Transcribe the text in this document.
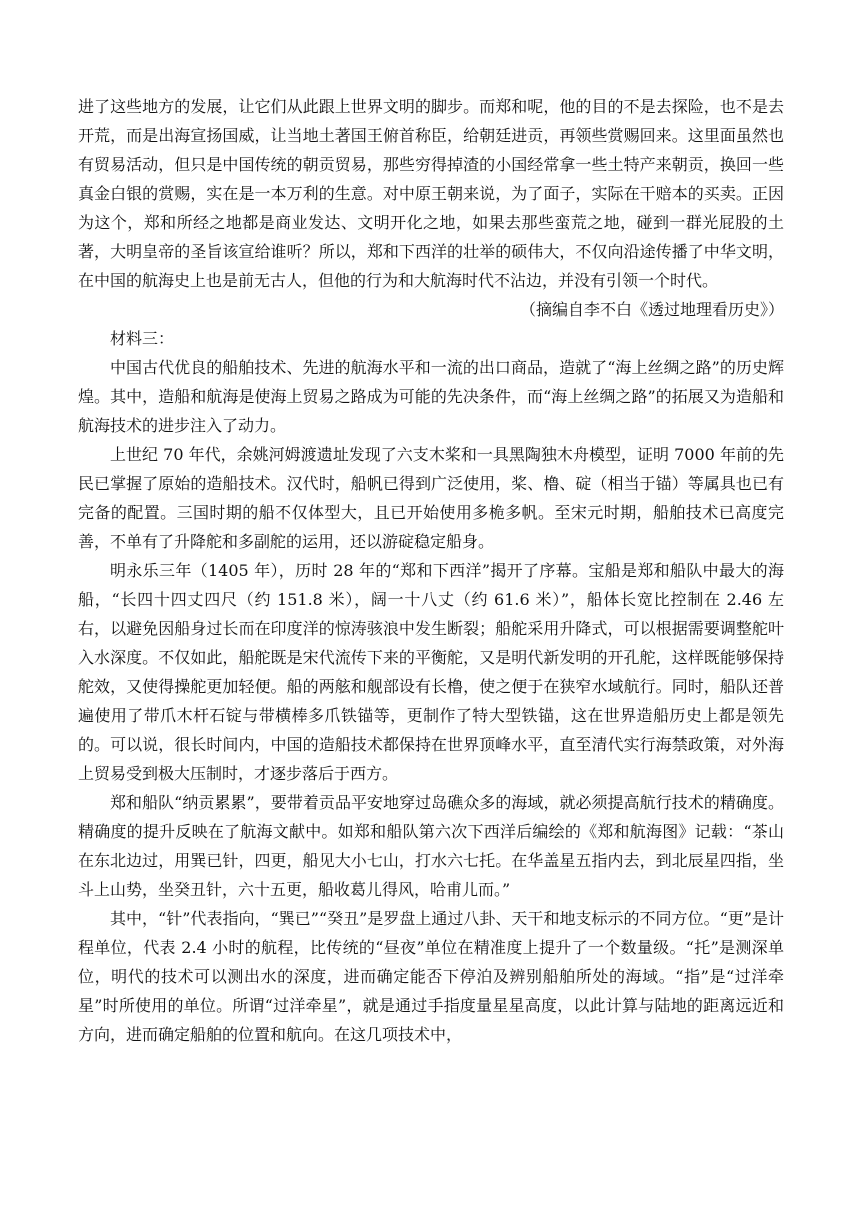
进了这些地方的发展，让它们从此跟上世界文明的脚步。而郑和呢，他的目的不是去探险，也不是去开荒，而是出海宣扬国威，让当地土著国王俯首称臣，给朝廷进贡，再领些赏赐回来。这里面虽然也有贸易活动，但只是中国传统的朝贡贸易，那些穷得掉渣的小国经常拿一些土特产来朝贡，换回一些真金白银的赏赐，实在是一本万利的生意。对中原王朝来说，为了面子，实际在干赔本的买卖。正因为这个，郑和所经之地都是商业发达、文明开化之地，如果去那些蛮荒之地，碰到一群光屁股的土著，大明皇帝的圣旨该宣给谁听？所以，郑和下西洋的壮举的硕伟大，不仅向沿途传播了中华文明，在中国的航海史上也是前无古人，但他的行为和大航海时代不沾边，并没有引领一个时代。

（摘编自李不白《透过地理看历史》）

材料三：

中国古代优良的船舶技术、先进的航海水平和一流的出口商品，造就了“海上丝绸之路”的历史辉煌。其中，造船和航海是使海上贸易之路成为可能的先决条件，而“海上丝绸之路”的拓展又为造船和航海技术的进步注入了动力。

上世纪 70 年代，余姚河姆渡遗址发现了六支木桨和一具黑陶独木舟模型，证明 7000 年前的先民已掌握了原始的造船技术。汉代时，船帆已得到广泛使用，桨、橹、碇（相当于锚）等属具也已有完备的配置。三国时期的船不仅体型大，且已开始使用多桅多帆。至宋元时期，船舶技术已高度完善，不单有了升降舵和多副舵的运用，还以游碇稳定船身。

明永乐三年（1405 年），历时 28 年的“郑和下西洋”揭开了序幕。宝船是郑和船队中最大的海船，“长四十四丈四尺（约 151.8 米），阔一十八丈（约 61.6 米）”，船体长宽比控制在 2.46 左右，以避免因船身过长而在印度洋的惊涛骇浪中发生断裂；船舵采用升降式，可以根据需要调整舵叶入水深度。不仅如此，船舵既是宋代流传下来的平衡舵，又是明代新发明的开孔舵，这样既能够保持舵效，又使得操舵更加轻便。船的两舷和舰部设有长橹，使之便于在狭窄水域航行。同时，船队还普遍使用了带爪木杆石锭与带横棒多爪铁锚等，更制作了特大型铁锚，这在世界造船历史上都是领先的。可以说，很长时间内，中国的造船技术都保持在世界顶峰水平，直至清代实行海禁政策，对外海上贸易受到极大压制时，才逐步落后于西方。

郑和船队“纳贡累累”，要带着贡品平安地穿过岛礁众多的海域，就必须提高航行技术的精确度。精确度的提升反映在了航海文献中。如郑和船队第六次下西洋后编绘的《郑和航海图》记载：“茶山在东北边过，用巽已针，四更，船见大小七山，打水六七托。在华盖星五指内去，到北辰星四指，坐斗上山势，坐癸丑针，六十五更，船收葛儿得风，哈甫儿而。”

其中，“针”代表指向，“巽已”“癸丑”是罗盘上通过八卦、天干和地支标示的不同方位。“更”是计程单位，代表 2.4 小时的航程，比传统的“昼夜”单位在精准度上提升了一个数量级。“托”是测深单位，明代的技术可以测出水的深度，进而确定能否下停泊及辨别船舶所处的海域。“指”是“过洋牵星”时所使用的单位。所谓“过洋牵星”，就是通过手指度量星星高度，以此计算与陆地的距离远近和方向，进而确定船舶的位置和航向。在这几项技术中，
